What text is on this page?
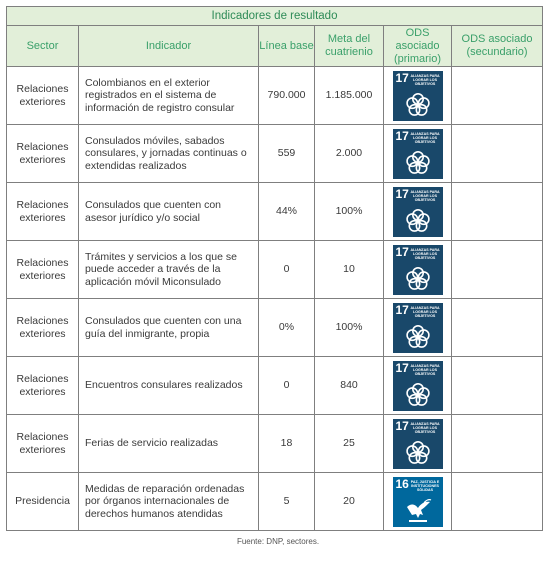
Indicadores de resultado					
Sector	Indicador	Línea base	Meta del cuatrienio	ODS asociado (primario)	ODS asociado (secundario)
Relaciones exteriores	Colombianos en el exterior registrados en el sistema de información de registro consular	790.000	1.185.000	17 ALIANZAS PARA LOGRAR LOS OBJETIVOS	

Relaciones exteriores	Consulados móviles, sabados consulares, y jornadas continuas o extendidas realizados	559	2.000	17 ALIANZAS PARA LOGRAR LOS OBJETIVOS	

Relaciones exteriores	Consulados que cuenten con asesor jurídico y/o social	44%	100%	17 ALIANZAS PARA LOGRAR LOS OBJETIVOS	

Relaciones exteriores	Trámites y servicios a los que se puede acceder a través de la aplicación móvil Miconsulado	0	10	17 ALIANZAS PARA LOGRAR LOS OBJETIVOS	

Relaciones exteriores	Consulados que cuenten con una guía del inmigrante, propia	0%	100%	17 ALIANZAS PARA LOGRAR LOS OBJETIVOS	

Relaciones exteriores	Encuentros consulares realizados	0	840	17 ALIANZAS PARA LOGRAR LOS OBJETIVOS	

Relaciones exteriores	Ferias de servicio realizadas	18	25	17 ALIANZAS PARA LOGRAR LOS OBJETIVOS	

Presidencia	Medidas de reparación ordenadas por órganos internacionales de derechos humanos atendidas	5	20	16 PAZ, JUSTICIA E INSTITUCIONES SÓLIDAS	

Fuente: DNP, sectores.
